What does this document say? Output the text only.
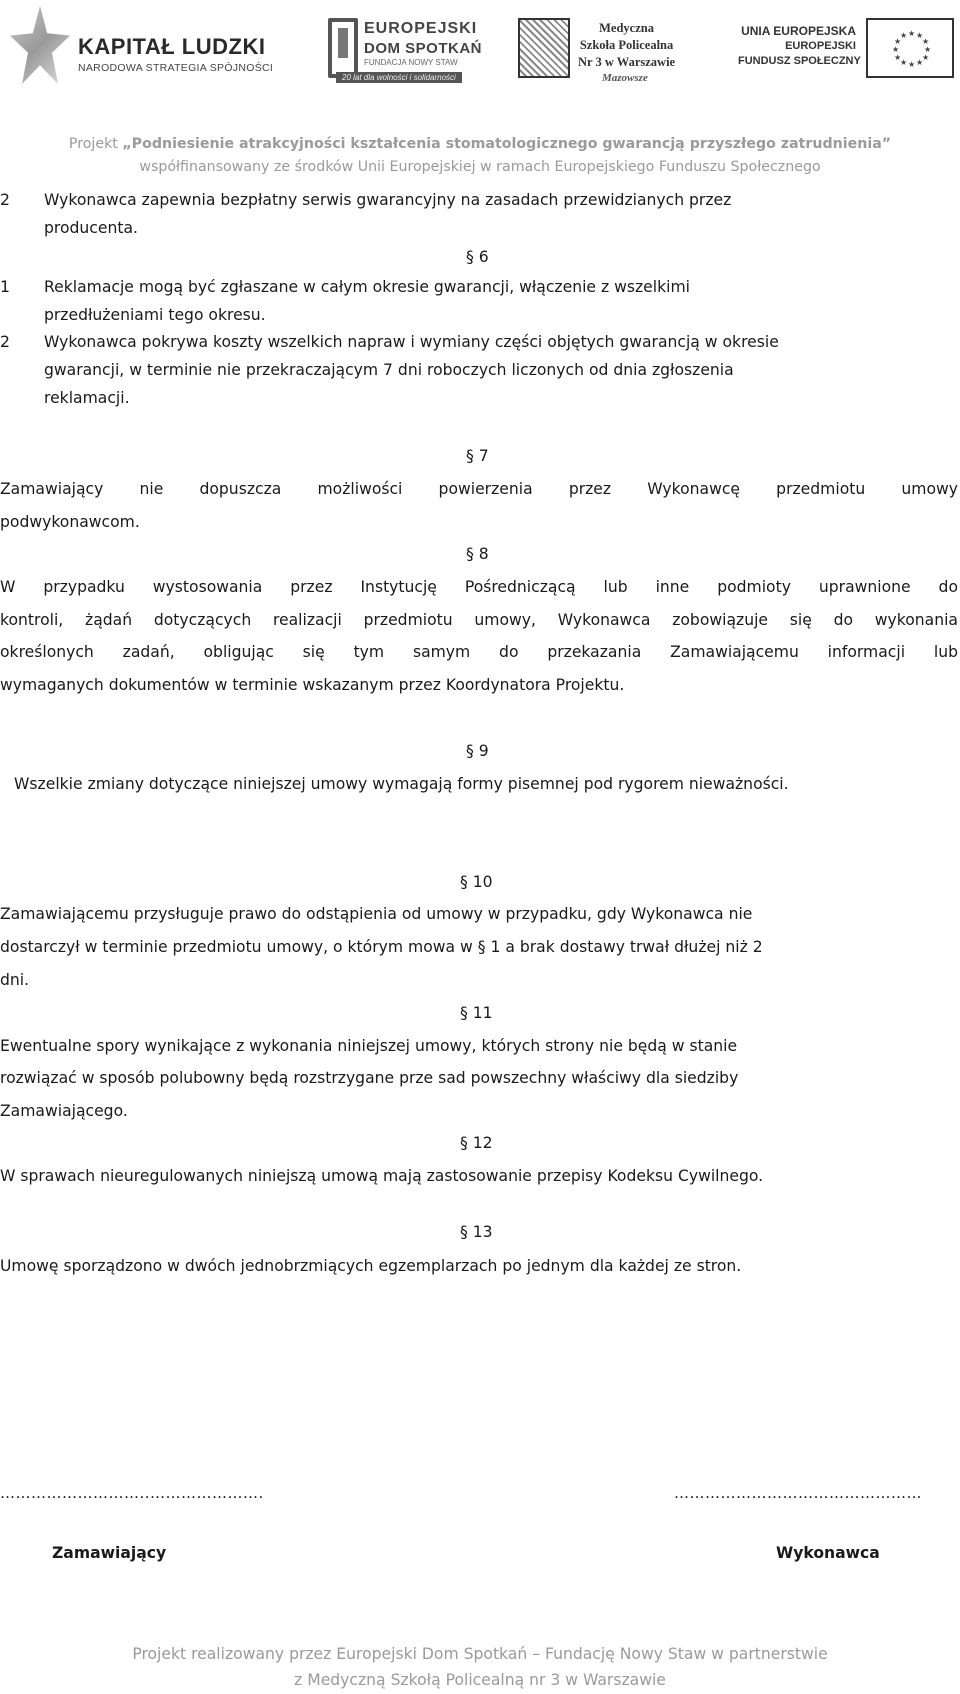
KAPITAŁ LUDZKI
NARODOWA STRATEGIA SPÓJNOŚCI
EUROPEJSKI
DOM SPOTKAŃ
FUNDACJA NOWY STAW
20 lat dla wolności i solidarności
Medyczna
Szkoła Policealna
Nr 3 w Warszawie
Mazowsze
UNIA EUROPEJSKA
EUROPEJSKI
FUNDUSZ SPOŁECZNY
★ ★
★
★
★
★
★
★
★
★
★
★
Projekt „Podniesienie atrakcyjności kształcenia stomatologicznego gwarancją przyszłego zatrudnienia”
współfinansowany ze środków Unii Europejskiej w ramach Europejskiego Funduszu Społecznego
2 Wykonawca zapewnia bezpłatny serwis gwarancyjny na zasadach przewidzianych przez
producenta.
§ 6
1 Reklamacje mogą być zgłaszane w całym okresie gwarancji, włączenie z wszelkimi
przedłużeniami tego okresu.
2 Wykonawca pokrywa koszty wszelkich napraw i wymiany części objętych gwarancją w okresie
gwarancji, w terminie nie przekraczającym 7 dni roboczych liczonych od dnia zgłoszenia
reklamacji.
§ 7
Zamawiający nie dopuszcza możliwości powierzenia przez Wykonawcę przedmiotu umowy
podwykonawcom.
§ 8
W przypadku wystosowania przez Instytucję Pośredniczącą lub inne podmioty uprawnione do
kontroli, żądań dotyczących realizacji przedmiotu umowy, Wykonawca zobowiązuje się do wykonania
określonych zadań, obligując się tym samym do przekazania Zamawiającemu informacji lub
wymaganych dokumentów w terminie wskazanym przez Koordynatora Projektu.
§ 9
Wszelkie zmiany dotyczące niniejszej umowy wymagają formy pisemnej pod rygorem nieważności.
§ 10
Zamawiającemu przysługuje prawo do odstąpienia od umowy w przypadku, gdy Wykonawca nie
dostarczył w terminie przedmiotu umowy, o którym mowa w § 1 a brak dostawy trwał dłużej niż 2
dni.
§ 11
Ewentualne spory wynikające z wykonania niniejszej umowy, których strony nie będą w stanie
rozwiązać w sposób polubowny będą rozstrzygane prze sad powszechny właściwy dla siedziby
Zamawiającego.
§ 12
W sprawach nieuregulowanych niniejszą umową mają zastosowanie przepisy Kodeksu Cywilnego.
§ 13
Umowę sporządzono w dwóch jednobrzmiących egzemplarzach po jednym dla każdej ze stron.
………………………..………………….	…………………………………………
Zamawiający	Wykonawca
Projekt realizowany przez Europejski Dom Spotkań – Fundację Nowy Staw w partnerstwie
z Medyczną Szkołą Policealną nr 3 w Warszawie
